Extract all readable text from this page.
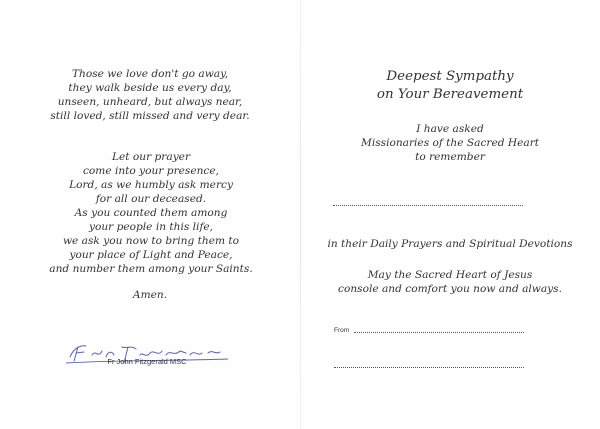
Those we love don't go away,
they walk beside us every day,
unseen, unheard, but always near,
still loved, still missed and very dear.
Let our prayer
come into your presence,
Lord, as we humbly ask mercy
for all our deceased.
As you counted them among
your people in this life,
we ask you now to bring them to
your place of Light and Peace,
and number them among your Saints.
Amen.
Fr John Fitzgerald MSC
Deepest Sympathy
on Your Bereavement
I have asked
Missionaries of the Sacred Heart
to remember
in their Daily Prayers and Spiritual Devotions
May the Sacred Heart of Jesus
console and comfort you now and always.
From
